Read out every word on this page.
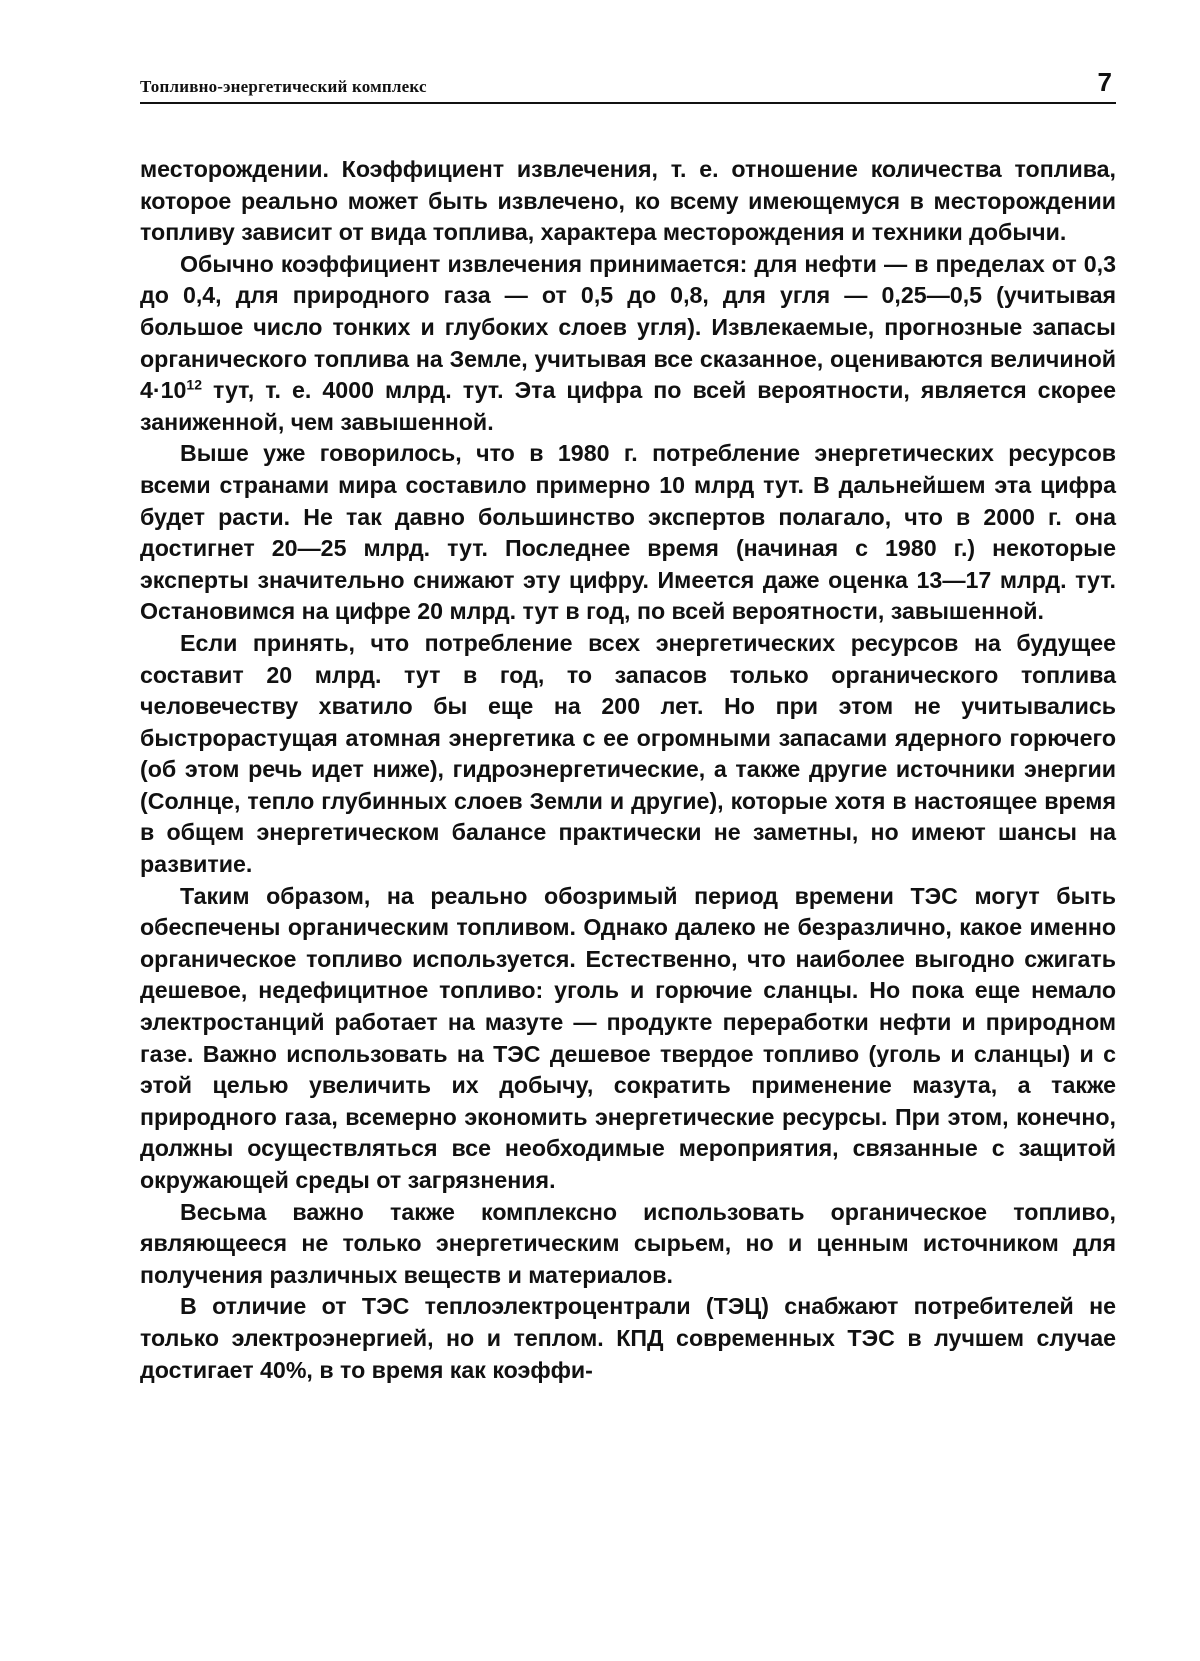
Топливно-энергетический комплекс	7

месторождении. Коэффициент извлечения, т. е. отношение количества топлива, которое реально может быть извлечено, ко всему имеющемуся в месторождении топливу зависит от вида топлива, характера месторождения и техники добычи.

Обычно коэффициент извлечения принимается: для нефти — в пределах от 0,3 до 0,4, для природного газа — от 0,5 до 0,8, для угля — 0,25—0,5 (учитывая большое число тонких и глубоких слоев угля). Извлекаемые, прогнозные запасы органического топлива на Земле, учитывая все сказанное, оцениваются величиной $4\cdot 10^{12}$ тут, т. е. 4000 млрд. тут. Эта цифра по всей вероятности, является скорее заниженной, чем завышенной.

Выше уже говорилось, что в 1980 г. потребление энергетических ресурсов всеми странами мира составило примерно 10 млрд тут. В дальнейшем эта цифра будет расти. Не так давно большинство экспертов полагало, что в 2000 г. она достигнет 20—25 млрд. тут. Последнее время (начиная с 1980 г.) некоторые эксперты значительно снижают эту цифру. Имеется даже оценка 13—17 млрд. тут. Остановимся на цифре 20 млрд. тут в год, по всей вероятности, завышенной.

Если принять, что потребление всех энергетических ресурсов на будущее составит 20 млрд. тут в год, то запасов только органического топлива человечеству хватило бы еще на 200 лет. Но при этом не учитывались быстрорастущая атомная энергетика с ее огромными запасами ядерного горючего (об этом речь идет ниже), гидроэнергетические, а также другие источники энергии (Солнце, тепло глубинных слоев Земли и другие), которые хотя в настоящее время в общем энергетическом балансе практически не заметны, но имеют шансы на развитие.

Таким образом, на реально обозримый период времени ТЭС могут быть обеспечены органическим топливом. Однако далеко не безразлично, какое именно органическое топливо используется. Естественно, что наиболее выгодно сжигать дешевое, недефицитное топливо: уголь и горючие сланцы. Но пока еще немало электростанций работает на мазуте — продукте переработки нефти и природном газе. Важно использовать на ТЭС дешевое твердое топливо (уголь и сланцы) и с этой целью увеличить их добычу, сократить применение мазута, а также природного газа, всемерно экономить энергетические ресурсы. При этом, конечно, должны осуществляться все необходимые мероприятия, связанные с защитой окружающей среды от загрязнения.

Весьма важно также комплексно использовать органическое топливо, являющееся не только энергетическим сырьем, но и ценным источником для получения различных веществ и материалов.

В отличие от ТЭС теплоэлектроцентрали (ТЭЦ) снабжают потребителей не только электроэнергией, но и теплом. КПД современных ТЭС в лучшем случае достигает 40%, в то время как коэффи-
